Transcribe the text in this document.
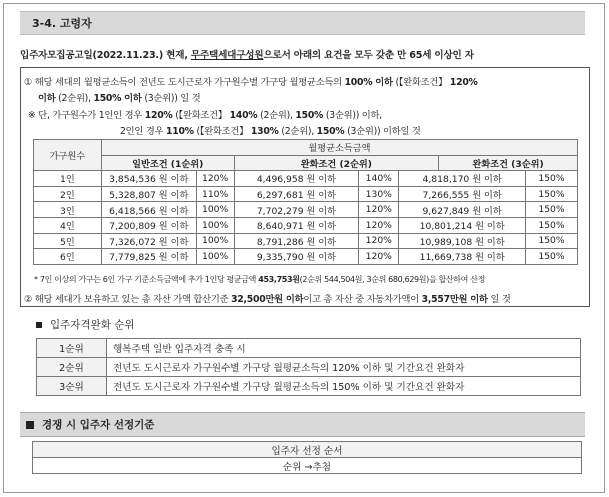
3-4. 고령자
입주자모집공고일(2022.11.23.) 현재, 무주택세대구성원으로서 아래의 요건을 모두 갖춘 만 65세 이상인 자
① 해당 세대의 월평균소득이 전년도 도시근로자 가구원수별 가구당 월평균소득의 100% 이하 (【완화조건】 120%
이하 (2순위), 150% 이하 (3순위)) 일 것
※ 단, 가구원수가 1인인 경우 120% (【완화조건】 140% (2순위), 150% (3순위)) 이하,
2인인 경우 110% (【완화조건】 130% (2순위), 150% (3순위)) 이하일 것
가구원수	월평균소득금액						
	일반조건 (1순위)		완화조건 (2순위)			완화조건 (3순위)	
1인	3,854,536 원 이하	120%	4,496,958 원 이하	140%	4,818,170 원 이하		150%
2인	5,328,807 원 이하	110%	6,297,681 원 이하	130%	7,266,555 원 이하		150%
3인	6,418,566 원 이하	100%	7,702,279 원 이하	120%	9,627,849 원 이하		150%
4인	7,200,809 원 이하	100%	8,640,971 원 이하	120%	10,801,214 원 이하		150%
5인	7,326,072 원 이하	100%	8,791,286 원 이하	120%	10,989,108 원 이하		150%
6인	7,779,825 원 이하	100%	9,335,790 원 이하	120%	11,669,738 원 이하		150%
* 7인 이상의 가구는 6인 가구 기준소득금액에 추가 1인당 평균금액 453,753원(2순위 544,504원, 3순위 680,629원)을 합산하여 산정
② 해당 세대가 보유하고 있는 총 자산 가액 합산기준 32,500만원 이하이고 총 자산 중 자동차가액이 3,557만원 이하 일 것
입주자격완화 순위
1순위	행복주택 일반 입주자격 충족 시
2순위	전년도 도시근로자 가구원수별 가구당 월평균소득의 120% 이하 및 기간요건 완화자
3순위	전년도 도시근로자 가구원수별 가구당 월평균소득의 150% 이하 및 기간요건 완화자
경쟁 시 입주자 선정기준
입주자 선정 순서
순위 →추첨
